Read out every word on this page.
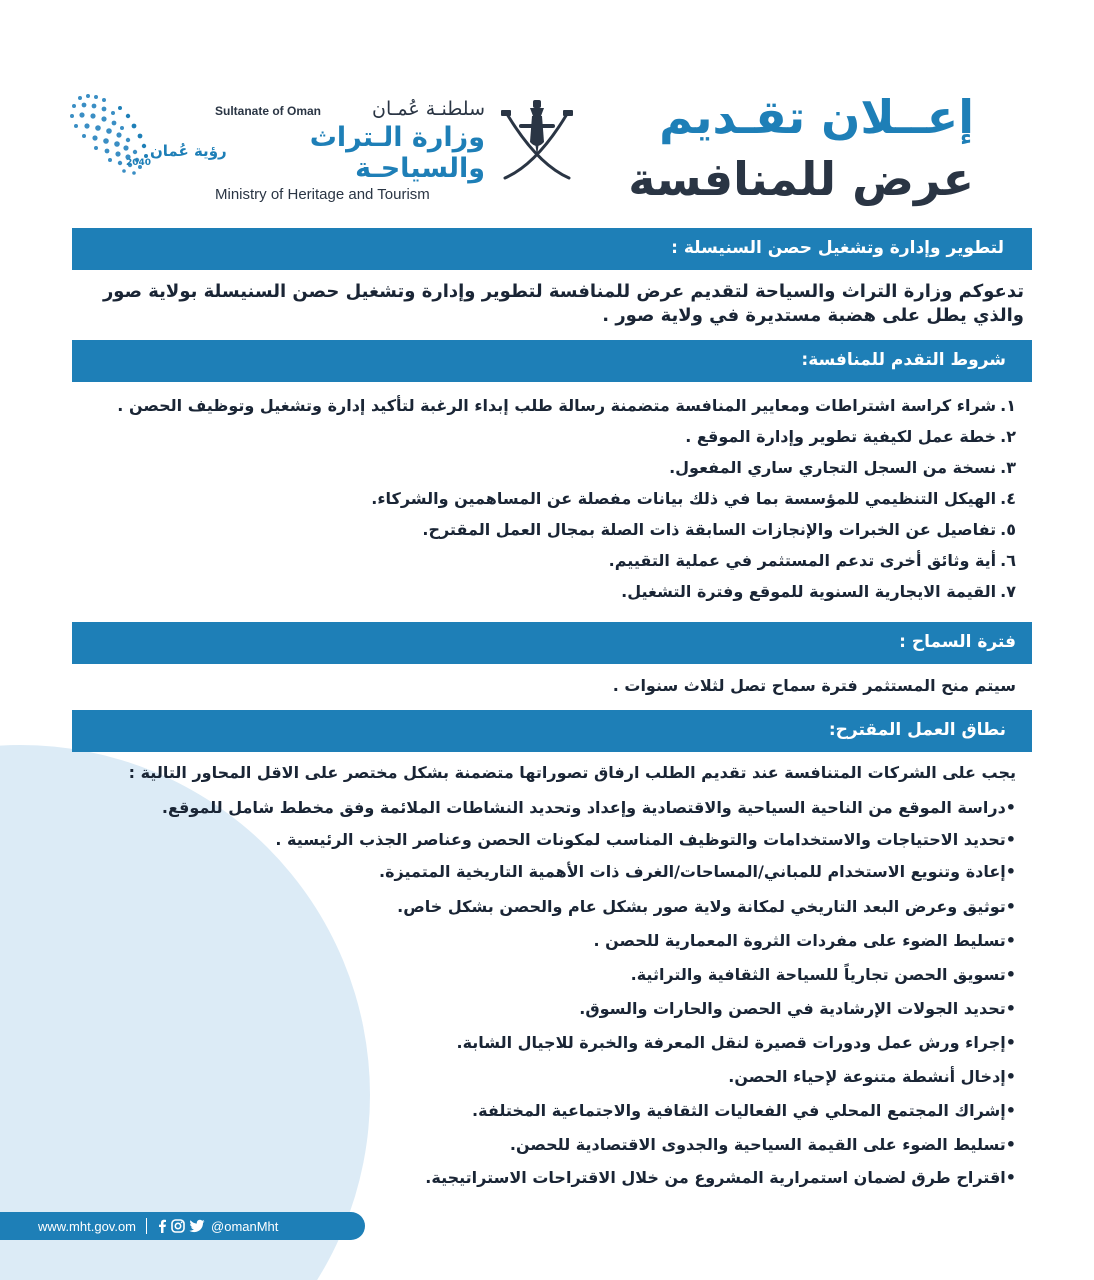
رؤية عُمان
2040
سلطنـة عُمـان
Sultanate of Oman
وزارة الـتراث والسياحـة
Ministry of Heritage and Tourism
إعــلان تقـديم
عرض للمنافسة
لتطوير وإدارة وتشغيل حصن السنيسلة :
تدعوكم وزارة التراث والسياحة لتقديم عرض للمنافسة لتطوير وإدارة وتشغيل حصن السنيسلة بولاية صور والذي يطل على هضبة مستديرة في ولاية صور .
شروط التقدم للمنافسة:
١.شراء كراسة اشتراطات ومعايير المنافسة متضمنة رسالة طلب إبداء الرغبة لتأكيد إدارة وتشغيل وتوظيف الحصن .
٢.خطة عمل لكيفية تطوير وإدارة الموقع .
٣.نسخة من السجل التجاري ساري المفعول.
٤.الهيكل التنظيمي للمؤسسة بما في ذلك بيانات مفصلة عن المساهمين والشركاء.
٥.تفاصيل عن الخبرات والإنجازات السابقة ذات الصلة بمجال العمل المقترح.
٦.أية وثائق أخرى تدعم المستثمر في عملية التقييم.
٧.القيمة الايجارية السنوية للموقع وفترة التشغيل.
فترة السماح :
سيتم منح المستثمر فترة سماح تصل لثلاث سنوات .
نطاق العمل المقترح:
يجب على الشركات المتنافسة عند تقديم الطلب ارفاق تصوراتها متضمنة بشكل مختصر على الاقل المحاور التالية :
•دراسة الموقع من الناحية السياحية والاقتصادية وإعداد وتحديد النشاطات الملائمة وفق مخطط شامل للموقع.
•تحديد الاحتياجات والاستخدامات والتوظيف المناسب لمكونات الحصن وعناصر الجذب الرئيسية .
•إعادة وتنويع الاستخدام للمباني/المساحات/الغرف ذات الأهمية التاريخية المتميزة.
•توثيق وعرض البعد التاريخي لمكانة ولاية صور بشكل عام والحصن بشكل خاص.
•تسليط الضوء على مفردات الثروة المعمارية للحصن .
•تسويق الحصن تجارياً للسياحة الثقافية والتراثية.
•تحديد الجولات الإرشادية في الحصن والحارات والسوق.
•إجراء ورش عمل ودورات قصيرة لنقل المعرفة والخبرة للاجيال الشابة.
•إدخال أنشطة متنوعة لإحياء الحصن.
•إشراك المجتمع المحلي في الفعاليات الثقافية والاجتماعية المختلفة.
•تسليط الضوء على القيمة السياحية والجدوى الاقتصادية للحصن.
•اقتراح طرق لضمان استمرارية المشروع من خلال الاقتراحات الاستراتيجية.
www.mht.gov.om	@omanMht
